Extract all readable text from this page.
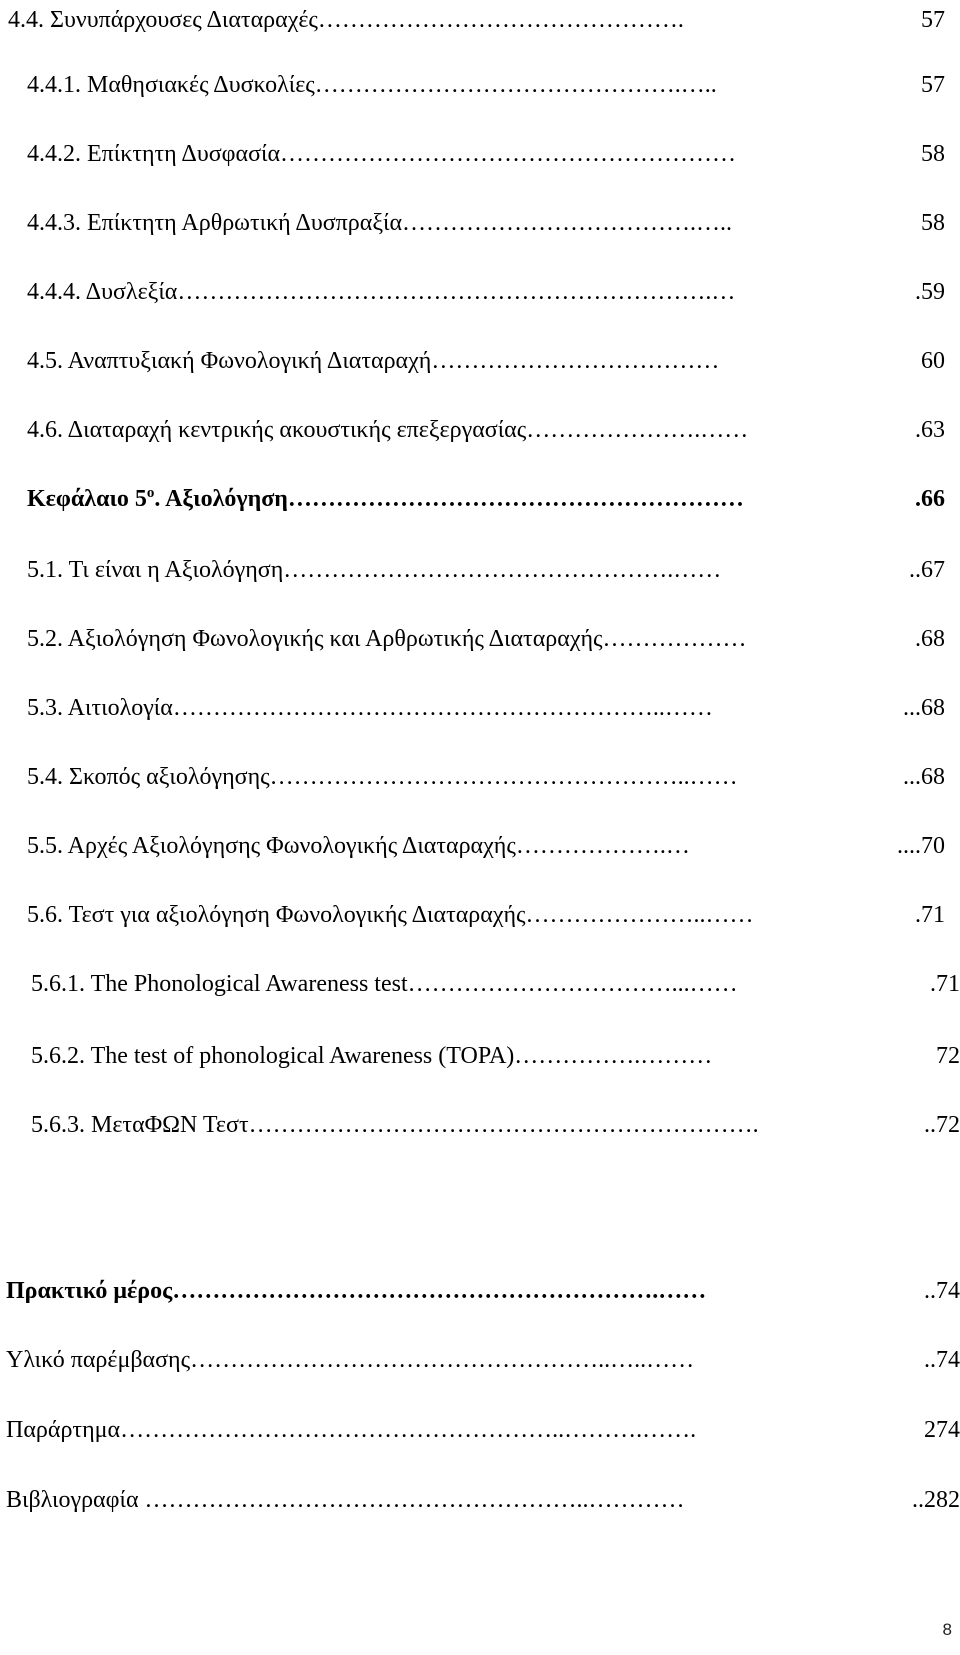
4.4. Συνυπάρχουσες Διαταραχές……………………………………….	57
4.4.1. Μαθησιακές Δυσκολίες……………………………………….…..	57
4.4.2. Επίκτητη Δυσφασία…………………………………………………	58
4.4.3. Επίκτητη Αρθρωτική Δυσπραξία……………………………….…..	58
4.4.4. Δυσλεξία………………………………………………………….…	.59
4.5. Αναπτυξιακή Φωνολογική Διαταραχή………………………………	60
4.6. Διαταραχή κεντρικής ακουστικής επεξεργασίας………………….……	.63
Κεφάλαιο $5^o$. Αξιολόγηση…………………………………………………	.66
5.1. Τι είναι η Αξιολόγηση………………………………………….……	..67
5.2. Αξιολόγηση Φωνολογικής και Αρθρωτικής Διαταραχής………………	.68
5.3. Αιτιολογία……………………………………………………..……	...68
5.4. Σκοπός αξιολόγησης……………………………………………..……	...68
5.5. Αρχές Αξιολόγησης Φωνολογικής Διαταραχής……………….…	....70
5.6. Τεστ για αξιολόγηση Φωνολογικής Διαταραχής…………………..……	.71
5.6.1. The Phonological Awareness test……………………………...……	.71
5.6.2. The test of phonological Awareness (TOPA)…………….………	72
5.6.3. ΜεταΦΩΝ Τεστ……………………………………………………….	..72
Πρακτικό μέρος…………………………………………………….……	..74
Υλικό παρέμβασης……………………………………………..…..……	..74
Παράρτημα………………………………………………..……….…….	274
Βιβλιογραφία ………………………………………………..…………	..282
8
